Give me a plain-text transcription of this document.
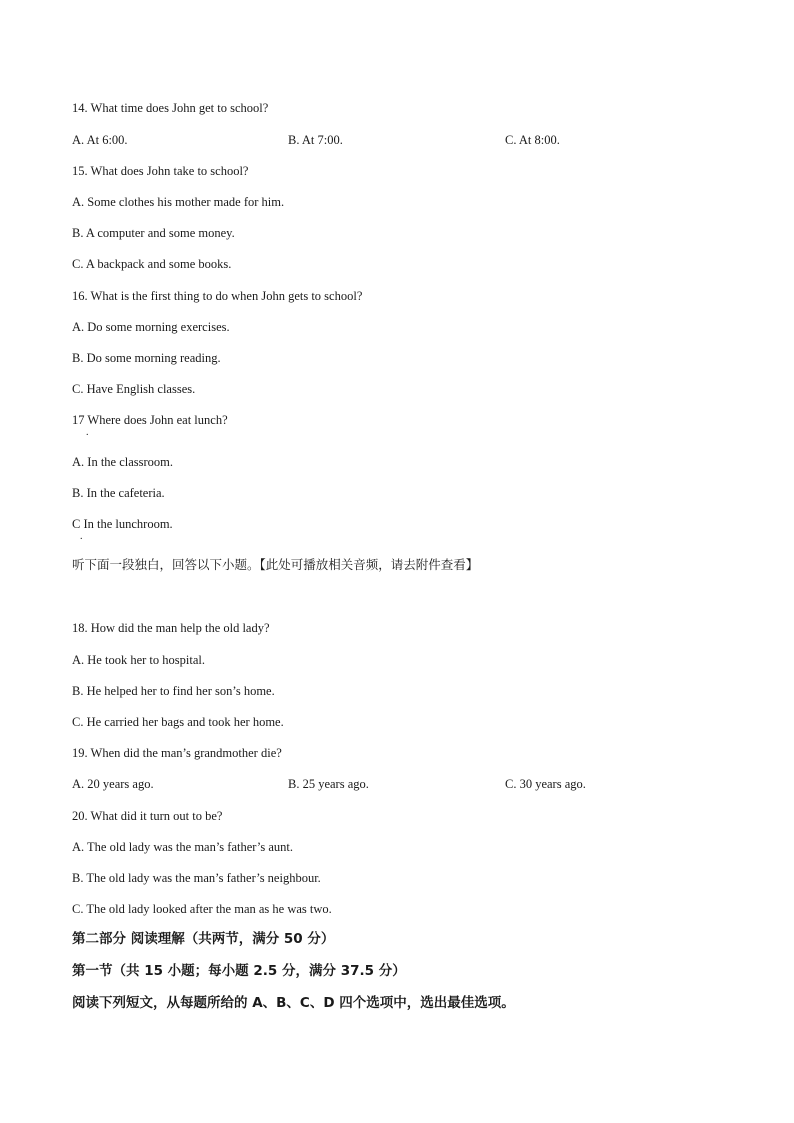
14. What time does John get to school?
A. At 6:00.	B. At 7:00.	C. At 8:00.
15. What does John take to school?
A. Some clothes his mother made for him.
B. A computer and some money.
C. A backpack and some books.
16. What is the first thing to do when John gets to school?
A. Do some morning exercises.
B. Do some morning reading.
C. Have English classes.
17 Where does John eat lunch?
.
A. In the classroom.
B. In the cafeteria.
C In the lunchroom.
.
听下面一段独白，回答以下小题。【此处可播放相关音频，请去附件查看】
18. How did the man help the old lady?
A. He took her to hospital.
B. He helped her to find her son’s home.
C. He carried her bags and took her home.
19. When did the man’s grandmother die?
A. 20 years ago.	B. 25 years ago.	C. 30 years ago.
20. What did it turn out to be?
A. The old lady was the man’s father’s aunt.
B. The old lady was the man’s father’s neighbour.
C. The old lady looked after the man as he was two.
第二部分 阅读理解（共两节，满分 50 分）
第一节（共 15 小题；每小题 2.5 分，满分 37.5 分）
阅读下列短文，从每题所给的 A、B、C、D 四个选项中，选出最佳选项。
